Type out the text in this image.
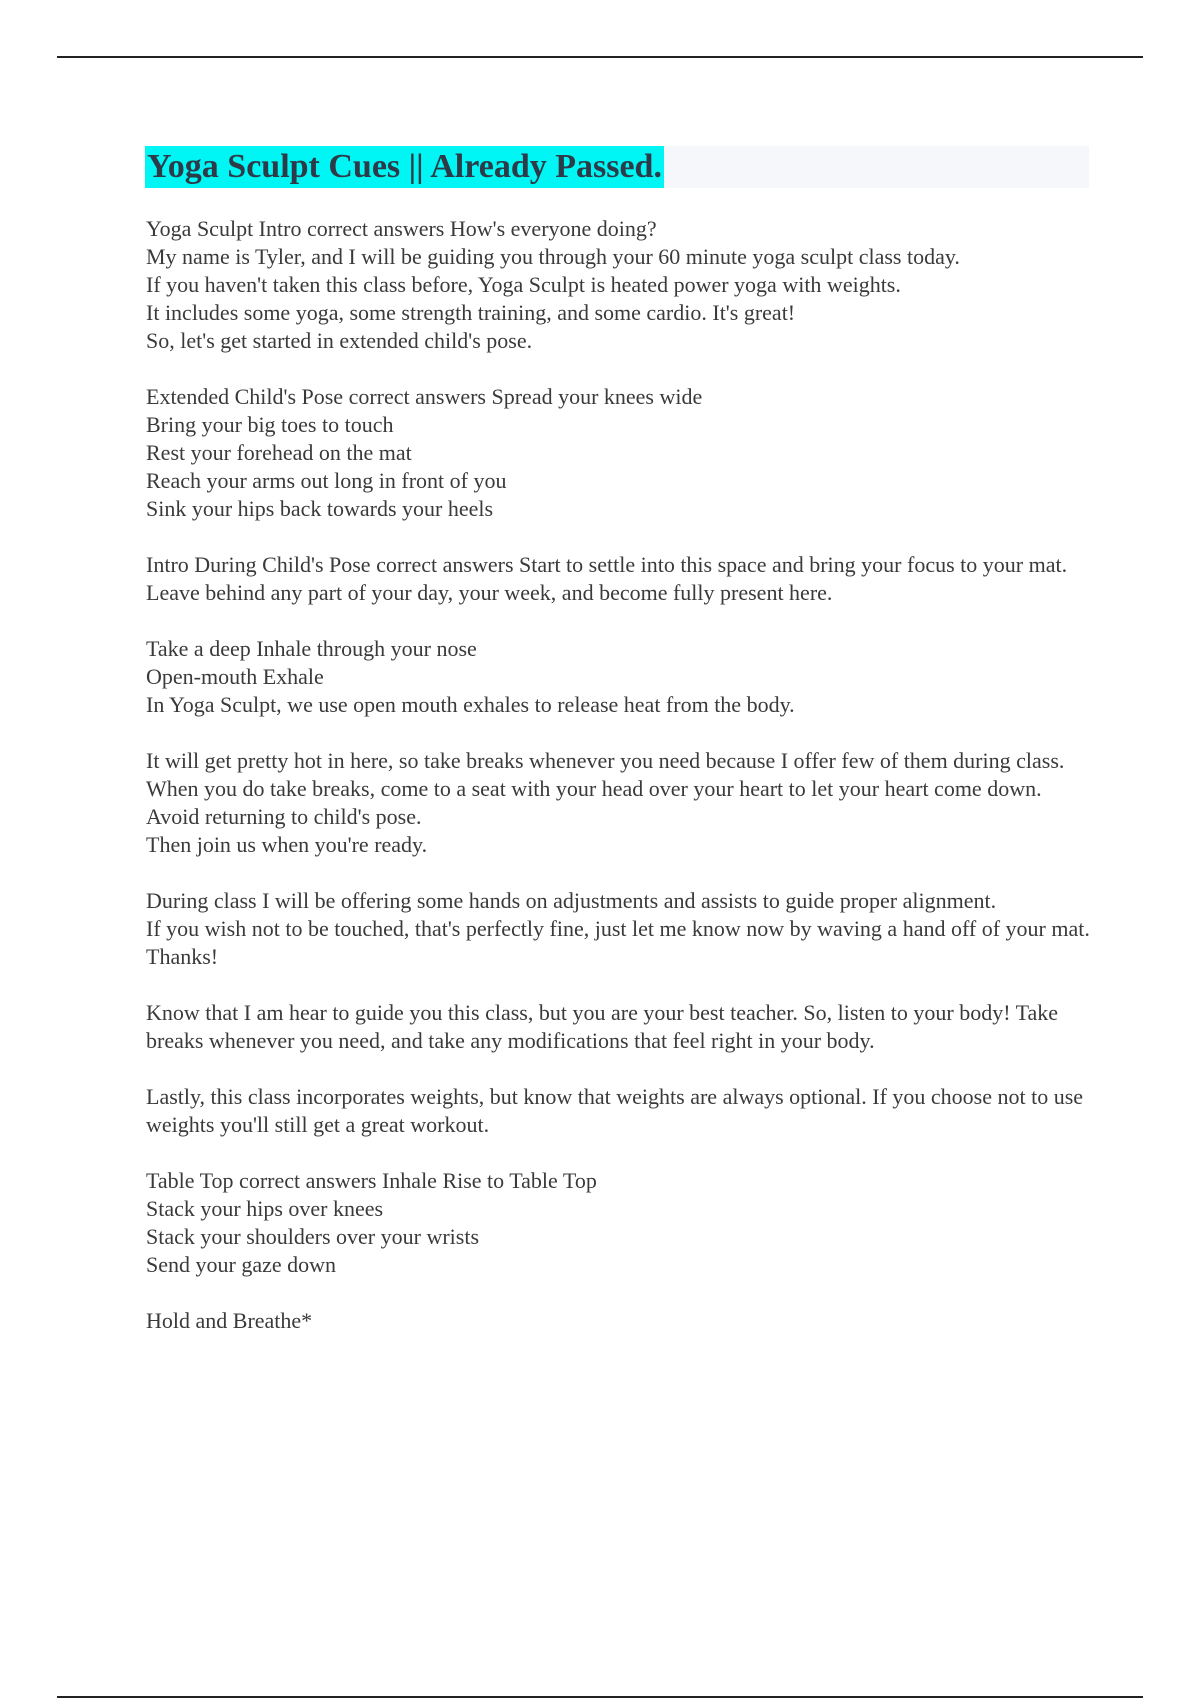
Yoga Sculpt Cues || Already Passed.

Yoga Sculpt Intro correct answers How's everyone doing?
My name is Tyler, and I will be guiding you through your 60 minute yoga sculpt class today.
If you haven't taken this class before, Yoga Sculpt is heated power yoga with weights.
It includes some yoga, some strength training, and some cardio. It's great!
So, let's get started in extended child's pose.

Extended Child's Pose correct answers Spread your knees wide
Bring your big toes to touch
Rest your forehead on the mat
Reach your arms out long in front of you
Sink your hips back towards your heels

Intro During Child's Pose correct answers Start to settle into this space and bring your focus to your mat.
Leave behind any part of your day, your week, and become fully present here.

Take a deep Inhale through your nose
Open-mouth Exhale
In Yoga Sculpt, we use open mouth exhales to release heat from the body.

It will get pretty hot in here, so take breaks whenever you need because I offer few of them during class.
When you do take breaks, come to a seat with your head over your heart to let your heart come down.
Avoid returning to child's pose.
Then join us when you're ready.

During class I will be offering some hands on adjustments and assists to guide proper alignment.
If you wish not to be touched, that's perfectly fine, just let me know now by waving a hand off of your mat.
Thanks!

Know that I am hear to guide you this class, but you are your best teacher. So, listen to your body! Take breaks whenever you need, and take any modifications that feel right in your body.

Lastly, this class incorporates weights, but know that weights are always optional. If you choose not to use weights you'll still get a great workout.

Table Top correct answers Inhale Rise to Table Top
Stack your hips over knees
Stack your shoulders over your wrists
Send your gaze down

Hold and Breathe*
